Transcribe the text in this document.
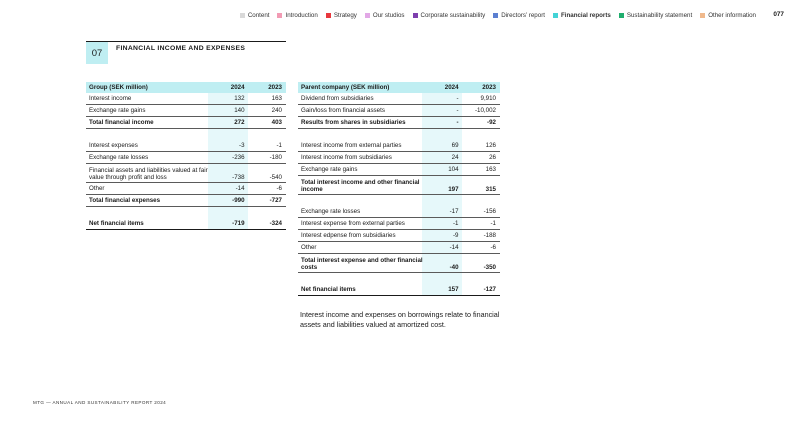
Content	Introduction	Strategy	Our studios	Corporate sustainability	Directors’ report	Financial reports	Sustainability statement	Other information	077
07	FINANCIAL INCOME AND EXPENSES
Group (SEK million)	2024	2023
Interest income	132	163
Exchange rate gains	140	240
Total financial income	272	403
Interest expenses	-3	-1
Exchange rate losses	-236	-180
Financial assets and liabilities valued at fair value through profit and loss	-738	-540
Other	-14	-6
Total financial expenses	-990	-727
Net financial items	-719	-324
Parent company (SEK million)	2024	2023
Dividend from subsidiaries	-	9,910
Gain/loss from financial assets	-	-10,002
Results from shares in subsidiaries	-	-92
Interest income from external parties	69	126
Interest income from subsidiaries	24	26
Exchange rate gains	104	163
Total interest income and other financial income	197	315
Exchange rate losses	-17	-156
Interest expense from external parties	-1	-1
Interest edpense from subsidiaries	-9	-188
Other	-14	-6
Total interest expense and other financial costs	-40	-350
Net financial items	157	-127
Interest income and expenses on borrowings relate to financial assets and liabilities valued at amortized cost.
MTG — ANNUAL AND SUSTAINABILITY REPORT 2024
